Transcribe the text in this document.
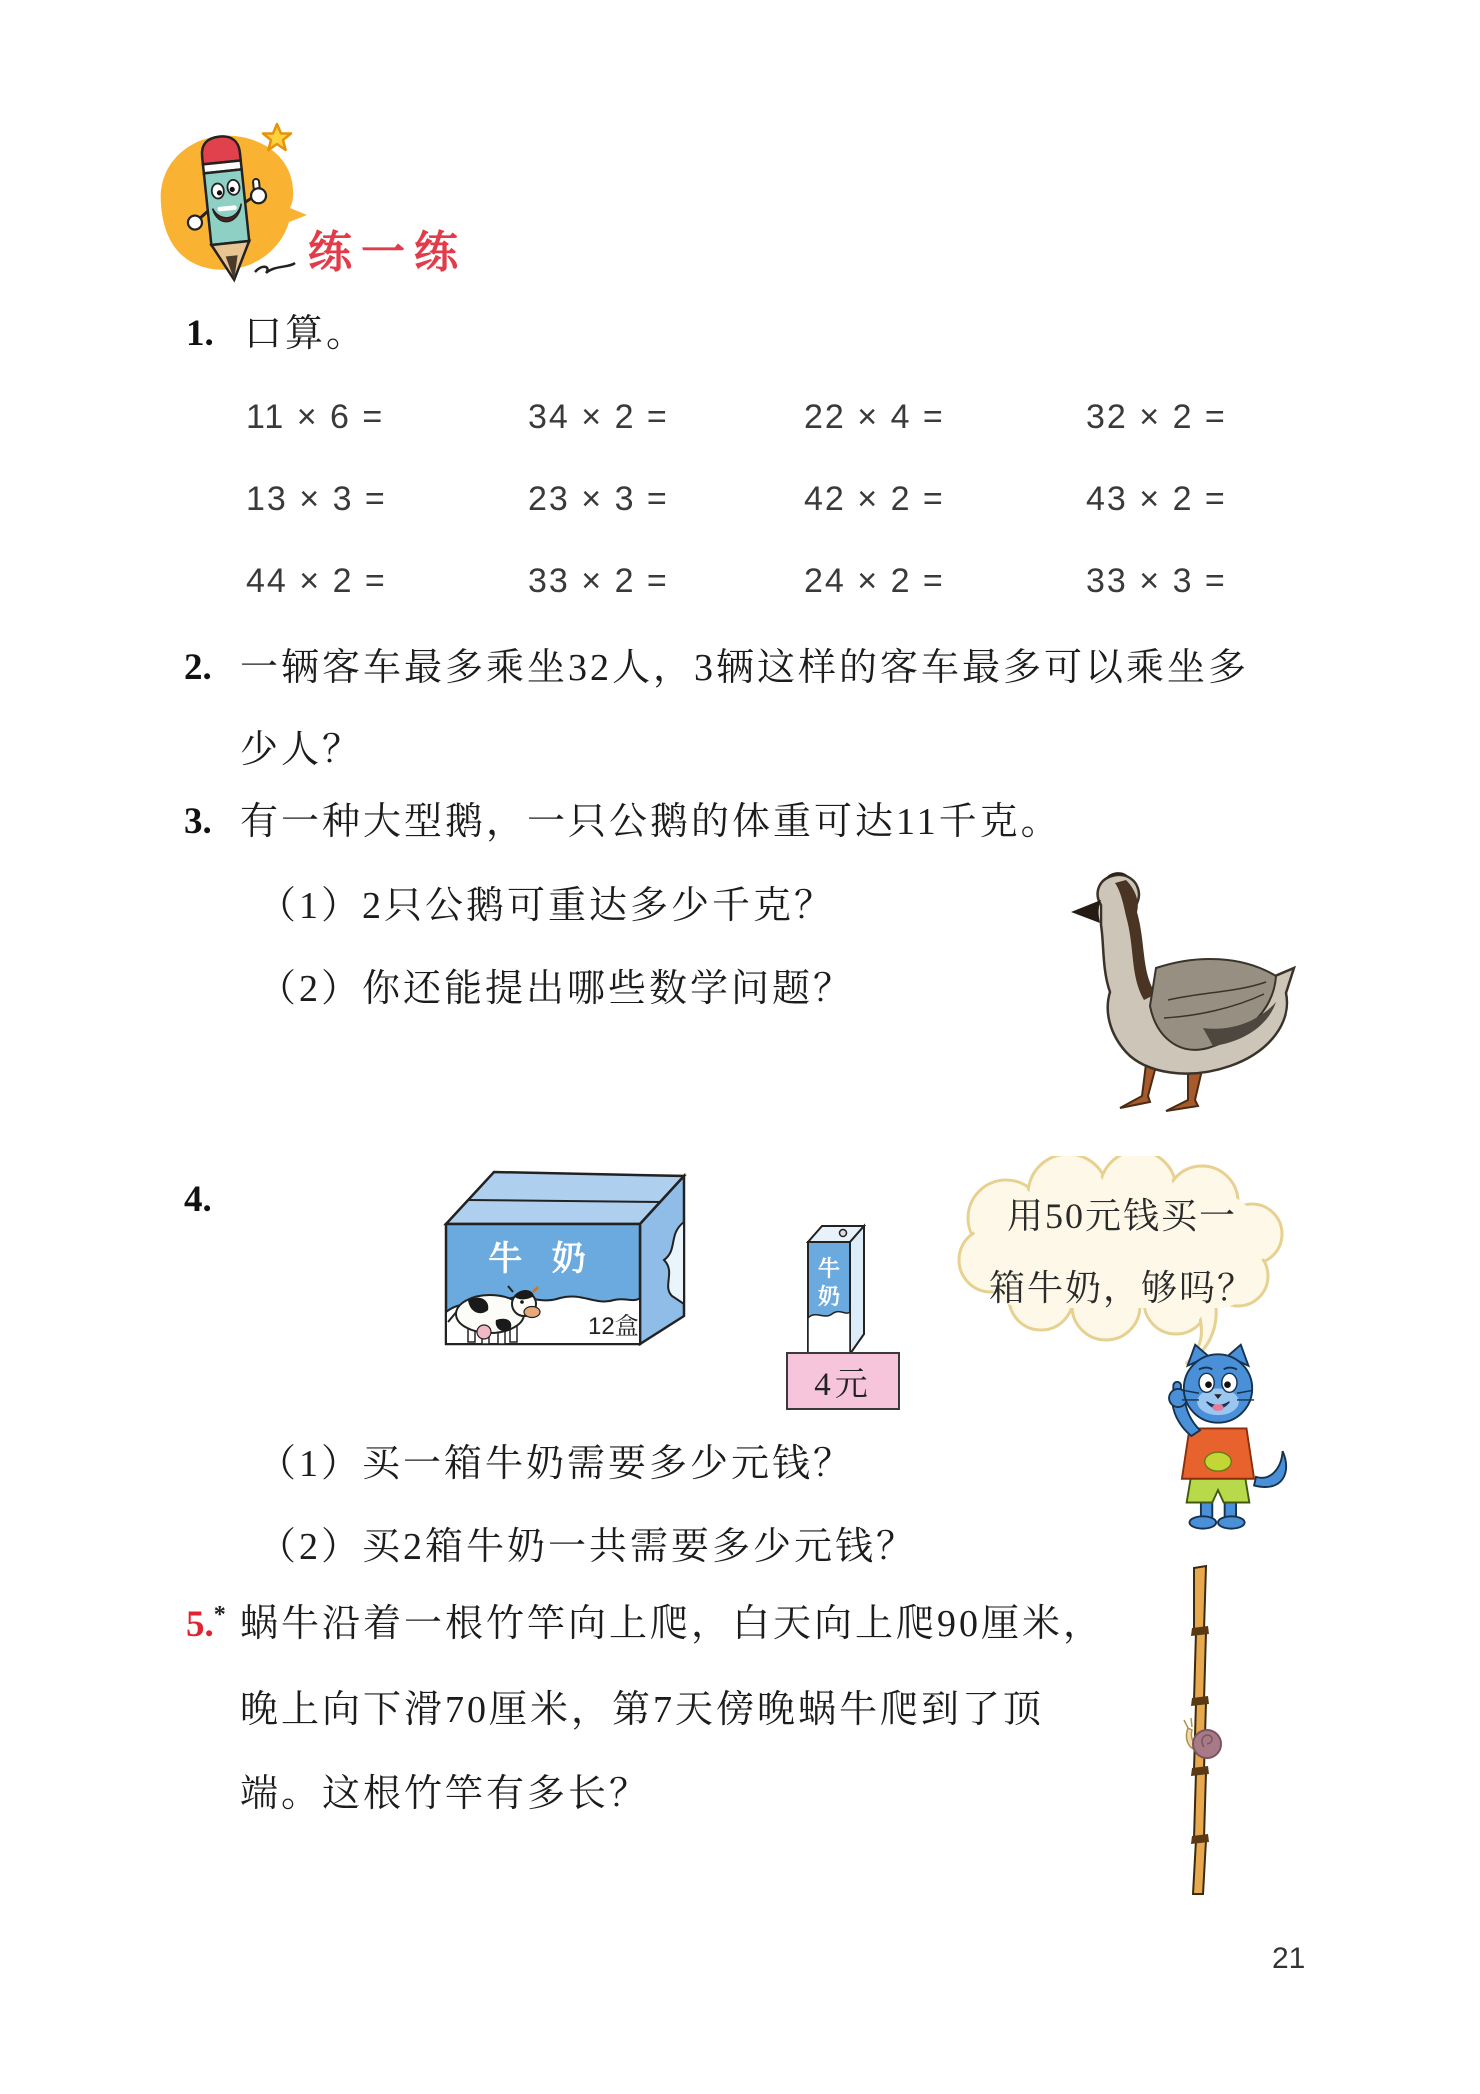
练一练
1. 口算。
11 × 6 =	34 × 2 =	22 × 4 =	32 × 2 =
13 × 3 =	23 × 3 =	42 × 2 =	43 × 2 =
44 × 2 =	33 × 2 =	24 × 2 =	33 × 3 =
2. 一辆客车最多乘坐32人，3辆这样的客车最多可以乘坐多
少人？
3. 有一种大型鹅，一只公鹅的体重可达11千克。
（1）2只公鹅可重达多少千克？
（2）你还能提出哪些数学问题？
4.
牛 奶
12盒
牛
奶
4元
用50元钱买一
箱牛奶，够吗？
（1）买一箱牛奶需要多少元钱？
（2）买2箱牛奶一共需要多少元钱？
5.* 蜗牛沿着一根竹竿向上爬，白天向上爬90厘米，
晚上向下滑70厘米，第7天傍晚蜗牛爬到了顶
端。这根竹竿有多长？
21
